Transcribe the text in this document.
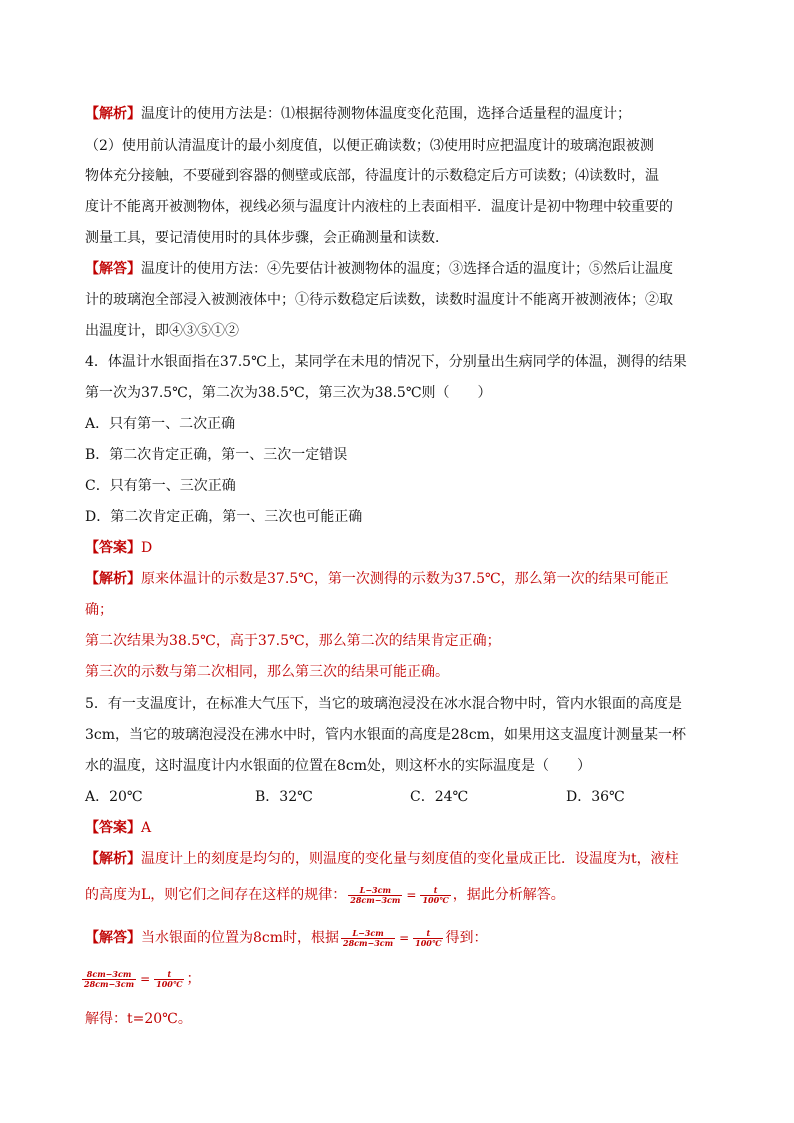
【解析】温度计的使用方法是：⑴根据待测物体温度变化范围，选择合适量程的温度计；
（2）使用前认清温度计的最小刻度值，以便正确读数；⑶使用时应把温度计的玻璃泡跟被测
物体充分接触，不要碰到容器的侧壁或底部，待温度计的示数稳定后方可读数；⑷读数时，温
度计不能离开被测物体，视线必须与温度计内液柱的上表面相平．温度计是初中物理中较重要的
测量工具，要记清使用时的具体步骤，会正确测量和读数．
【解答】温度计的使用方法：④先要估计被测物体的温度；③选择合适的温度计；⑤然后让温度
计的玻璃泡全部浸入被测液体中；①待示数稳定后读数，读数时温度计不能离开被测液体；②取
出温度计，即④③⑤①②
4．体温计水银面指在37.5℃上，某同学在未甩的情况下，分别量出生病同学的体温，测得的结果
第一次为37.5℃，第二次为38.5℃，第三次为38.5℃则（　　）
A．只有第一、二次正确
B．第二次肯定正确，第一、三次一定错误
C．只有第一、三次正确
D．第二次肯定正确，第一、三次也可能正确
【答案】D
【解析】原来体温计的示数是37.5℃，第一次测得的示数为37.5℃，那么第一次的结果可能正
确；
第二次结果为38.5℃，高于37.5℃，那么第二次的结果肯定正确；
第三次的示数与第二次相同，那么第三次的结果可能正确。
5．有一支温度计，在标准大气压下，当它的玻璃泡浸没在冰水混合物中时，管内水银面的高度是
3cm，当它的玻璃泡浸没在沸水中时，管内水银面的高度是28cm，如果用这支温度计测量某一杯
水的温度，这时温度计内水银面的位置在8cm处，则这杯水的实际温度是（　　）
A．20℃	B．32℃	C．24℃	D．36℃
【答案】A
【解析】温度计上的刻度是均匀的，则温度的变化量与刻度值的变化量成正比．设温度为t，液柱
的高度为L，则它们之间存在这样的规律： $\frac{L-3cm}{28cm-3cm} = \frac{t}{100℃}$ ，据此分析解答。
【解答】当水银面的位置为8cm时，根据 $\frac{L-3cm}{28cm-3cm} = \frac{t}{100℃}$ 得到：
$\frac{8cm-3cm}{28cm-3cm} = \frac{t}{100℃}$ ；
解得：t=20℃。
